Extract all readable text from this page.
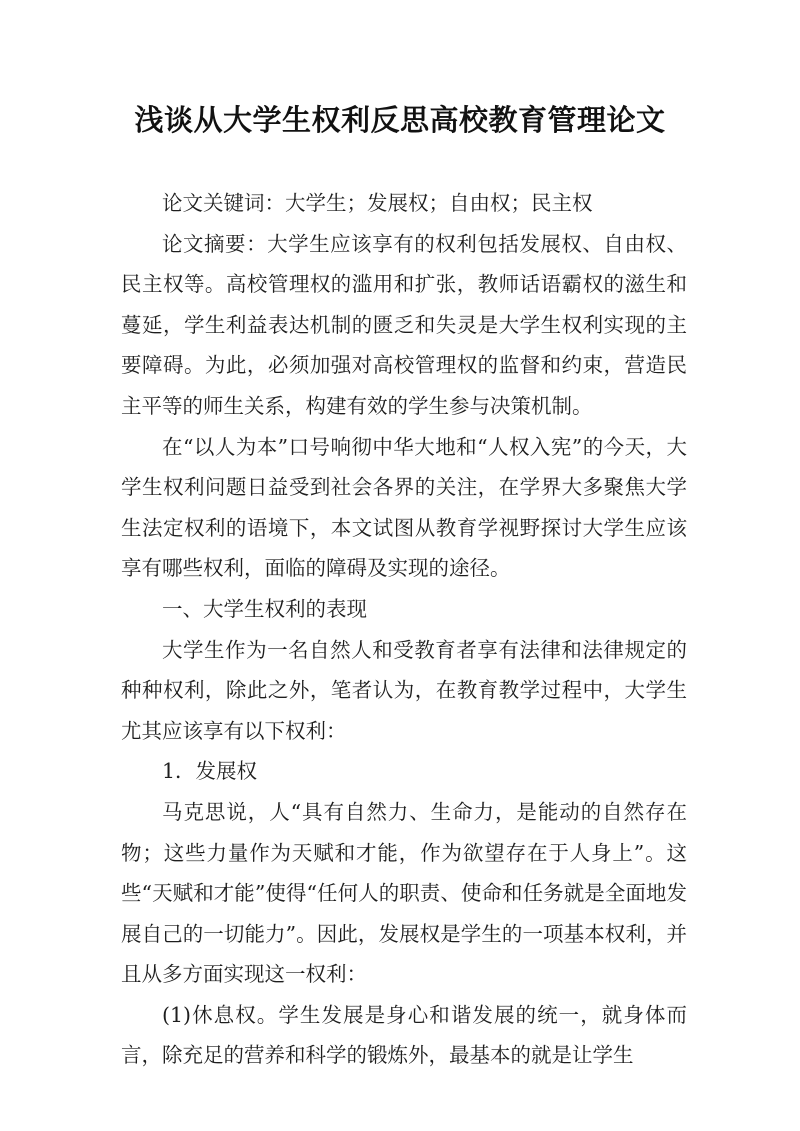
浅谈从大学生权利反思高校教育管理论文

论文关键词：大学生；发展权；自由权；民主权

论文摘要：大学生应该享有的权利包括发展权、自由权、民主权等。高校管理权的滥用和扩张，教师话语霸权的滋生和蔓延，学生利益表达机制的匮乏和失灵是大学生权利实现的主要障碍。为此，必须加强对高校管理权的监督和约束，营造民主平等的师生关系，构建有效的学生参与决策机制。

在“以人为本”口号响彻中华大地和“人权入宪”的今天，大学生权利问题日益受到社会各界的关注，在学界大多聚焦大学生法定权利的语境下，本文试图从教育学视野探讨大学生应该享有哪些权利，面临的障碍及实现的途径。

一、大学生权利的表现

大学生作为一名自然人和受教育者享有法律和法律规定的种种权利，除此之外，笔者认为，在教育教学过程中，大学生尤其应该享有以下权利：

1．发展权

马克思说，人“具有自然力、生命力，是能动的自然存在物；这些力量作为天赋和才能，作为欲望存在于人身上”。这些“天赋和才能”使得“任何人的职责、使命和任务就是全面地发展自己的一切能力”。因此，发展权是学生的一项基本权利，并且从多方面实现这一权利：

(1)休息权。学生发展是身心和谐发展的统一，就身体而言，除充足的营养和科学的锻炼外，最基本的就是让学生
